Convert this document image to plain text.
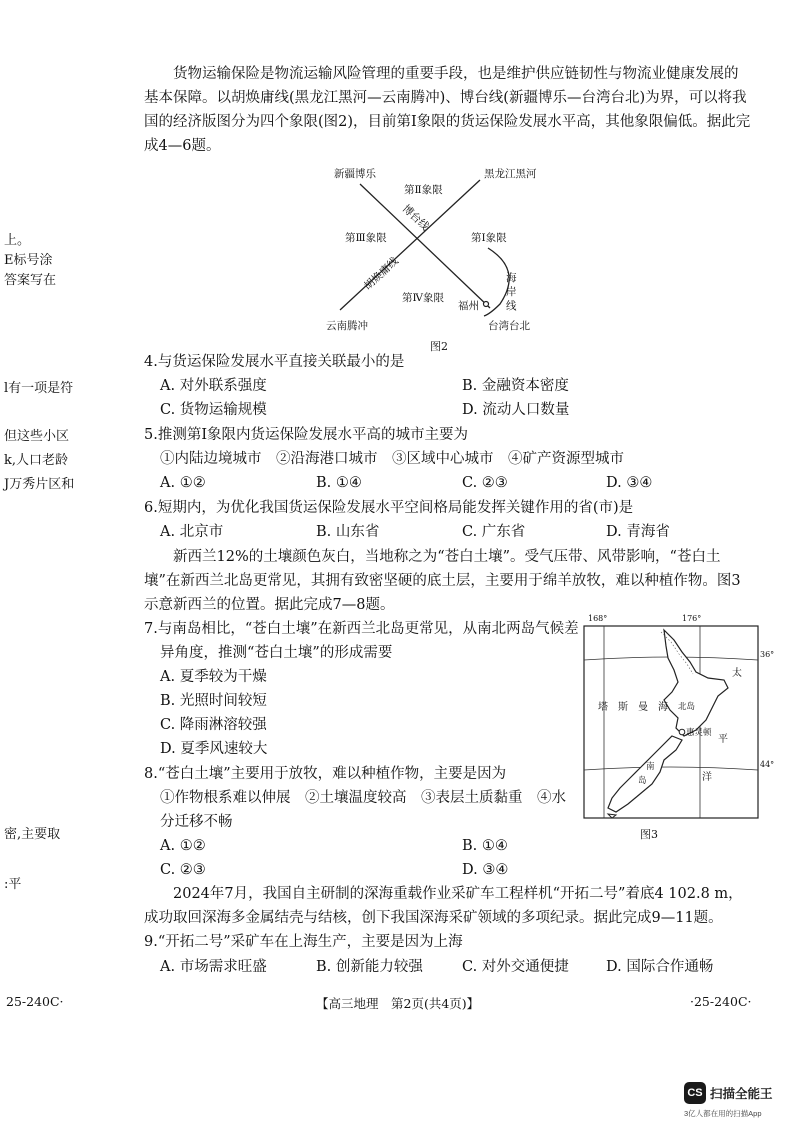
上。
E标号涂
答案写在
l有一项是符
但这些小区
k,人口老龄
J万秀片区和
密,主要取
:平
货物运输保险是物流运输风险管理的重要手段，也是维护供应链韧性与物流业健康发展的基本保障。以胡焕庸线(黑龙江黑河—云南腾冲)、博台线(新疆博乐—台湾台北)为界，可以将我国的经济版图分为四个象限(图2)，目前第Ⅰ象限的货运保险发展水平高，其他象限偏低。据此完成4—6题。
新疆博乐	黑龙江黑河
第Ⅱ象限
博台线
第Ⅲ象限	第Ⅰ象限
胡焕庸线	海
岸
线
第Ⅳ象限
福州
云南腾冲	台湾台北
图2
4.与货运保险发展水平直接关联最小的是
A. 对外联系强度	B. 金融资本密度
C. 货物运输规模	D. 流动人口数量
5.推测第Ⅰ象限内货运保险发展水平高的城市主要为
①内陆边境城市　②沿海港口城市　③区域中心城市　④矿产资源型城市
A. ①②	B. ①④	C. ②③	D. ③④
6.短期内，为优化我国货运保险发展水平空间格局能发挥关键作用的省(市)是
A. 北京市	B. 山东省	C. 广东省	D. 青海省
新西兰12%的土壤颜色灰白，当地称之为“苍白土壤”。受气压带、风带影响，“苍白土壤”在新西兰北岛更常见，其拥有致密坚硬的底土层，主要用于绵羊放牧，难以种植作物。图3示意新西兰的位置。据此完成7—8题。
7.与南岛相比，“苍白土壤”在新西兰北岛更常见，从南北两岛气候差
异角度，推测“苍白土壤”的形成需要
A. 夏季较为干燥
B. 光照时间较短
C. 降雨淋溶较强
D. 夏季风速较大
8.“苍白土壤”主要用于放牧，难以种植作物，主要是因为
①作物根系难以伸展　②土壤温度较高　③表层土质黏重　④水
分迁移不畅
A. ①②	B. ①④
C. ②③	D. ③④
168°	176°
36°
44°
塔　斯　曼　海 北岛
南
岛
惠灵顿
太
平
洋
图3
2024年7月，我国自主研制的深海重载作业采矿车工程样机“开拓二号”着底4 102.8 m，成功取回深海多金属结壳与结核，创下我国深海采矿领域的多项纪录。据此完成9—11题。
9.“开拓二号”采矿车在上海生产，主要是因为上海
A. 市场需求旺盛	B. 创新能力较强	C. 对外交通便捷	D. 国际合作通畅
25-240C·	【高三地理　第2页(共4页)】	·25-240C·
CS 扫描全能王
3亿人都在用的扫描App
